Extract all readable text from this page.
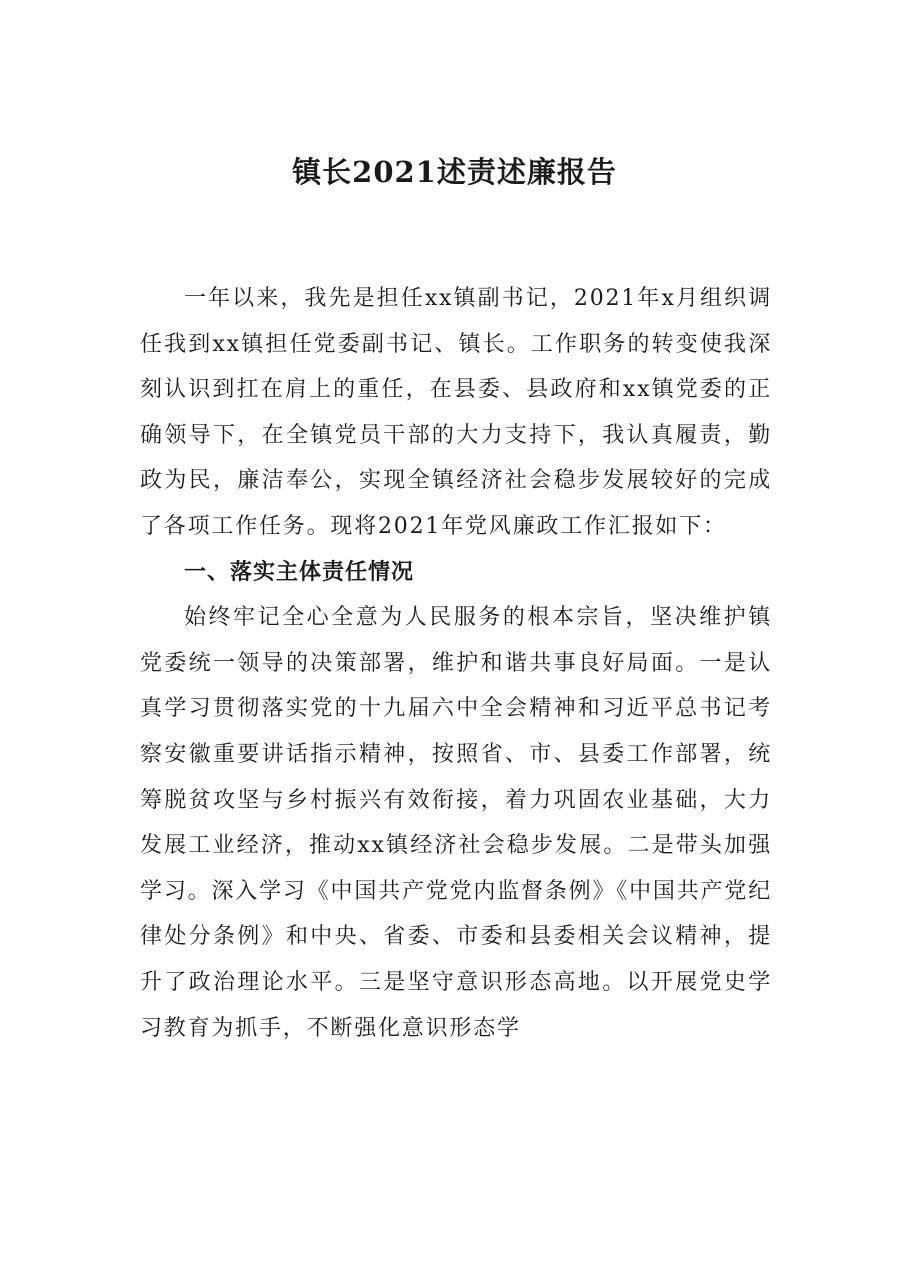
镇长2021述责述廉报告

一年以来，我先是担任xx镇副书记，2021年x月组织调任我到xx镇担任党委副书记、镇长。工作职务的转变使我深刻认识到扛在肩上的重任，在县委、县政府和xx镇党委的正确领导下，在全镇党员干部的大力支持下，我认真履责，勤政为民，廉洁奉公，实现全镇经济社会稳步发展较好的完成了各项工作任务。现将2021年党风廉政工作汇报如下：

一、落实主体责任情况

始终牢记全心全意为人民服务的根本宗旨，坚决维护镇党委统一领导的决策部署，维护和谐共事良好局面。一是认真学习贯彻落实党的十九届六中全会精神和习近平总书记考察安徽重要讲话指示精神，按照省、市、县委工作部署，统筹脱贫攻坚与乡村振兴有效衔接，着力巩固农业基础，大力发展工业经济，推动xx镇经济社会稳步发展。二是带头加强学习。深入学习《中国共产党党内监督条例》《中国共产党纪律处分条例》和中央、省委、市委和县委相关会议精神，提升了政治理论水平。三是坚守意识形态高地。以开展党史学习教育为抓手，不断强化意识形态学
